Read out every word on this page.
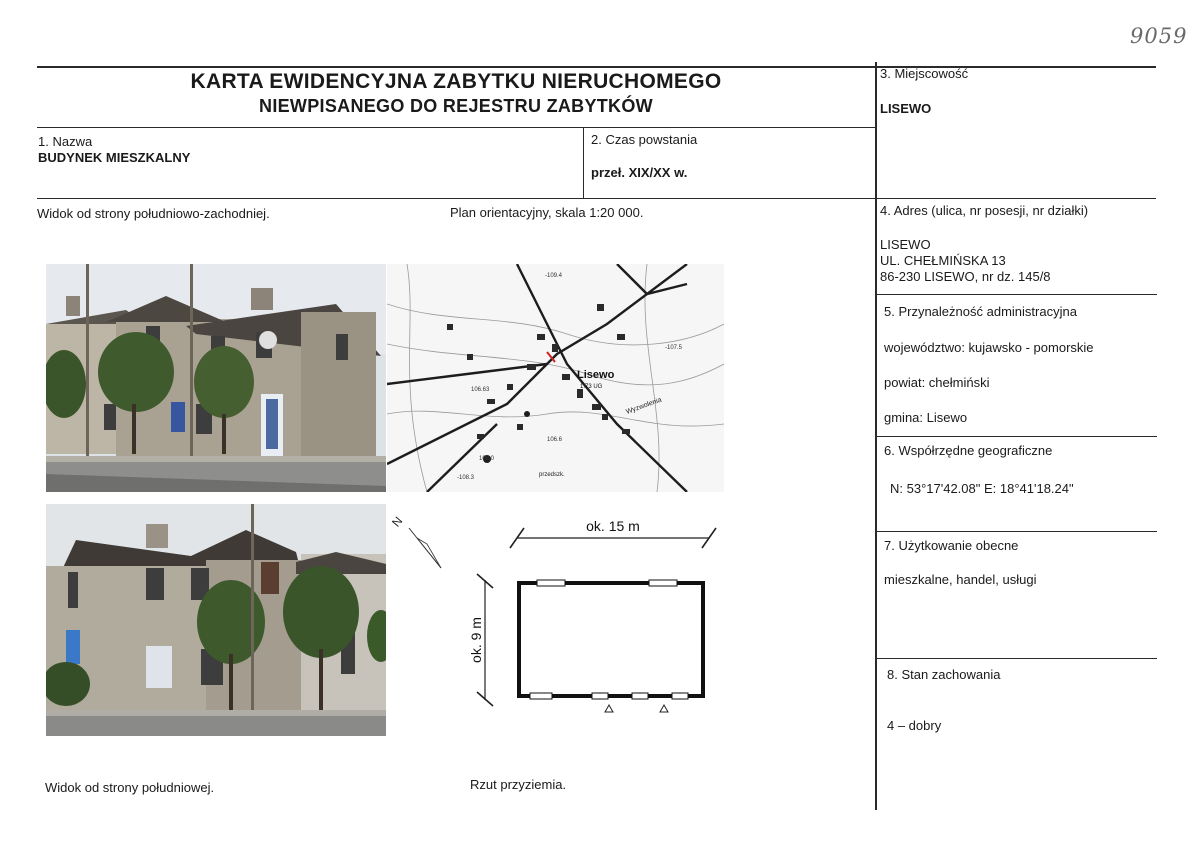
9059
KARTA EWIDENCYJNA ZABYTKU NIERUCHOMEGO
NIEWPISANEGO DO REJESTRU ZABYTKÓW
1. Nazwa
BUDYNEK MIESZKALNY
2. Czas powstania
przeł. XIX/XX w.
3. Miejscowość
LISEWO
4. Adres (ulica, nr posesji, nr działki)
LISEWO
UL. CHEŁMIŃSKA 13
86-230 LISEWO, nr dz. 145/8
5. Przynależność administracyjna
województwo: kujawsko - pomorskie
powiat: chełmiński
gmina: Lisewo
6. Współrzędne geograficzne
N: 53°17'42.08" E: 18°41'18.24"
7. Użytkowanie obecne
mieszkalne, handel, usługi
8. Stan zachowania
4 – dobry
Widok od strony południowo-zachodniej.	Plan orientacyjny, skala 1:20 000.
Widok od strony południowej.	Rzut przyziemia.
Lisewo
1.73 UG
-109.4
-107.5
106.63
106.6
108.0
-108.3
Wyzwolenia
przedszk.
N	ok. 15 m
ok. 9 m
